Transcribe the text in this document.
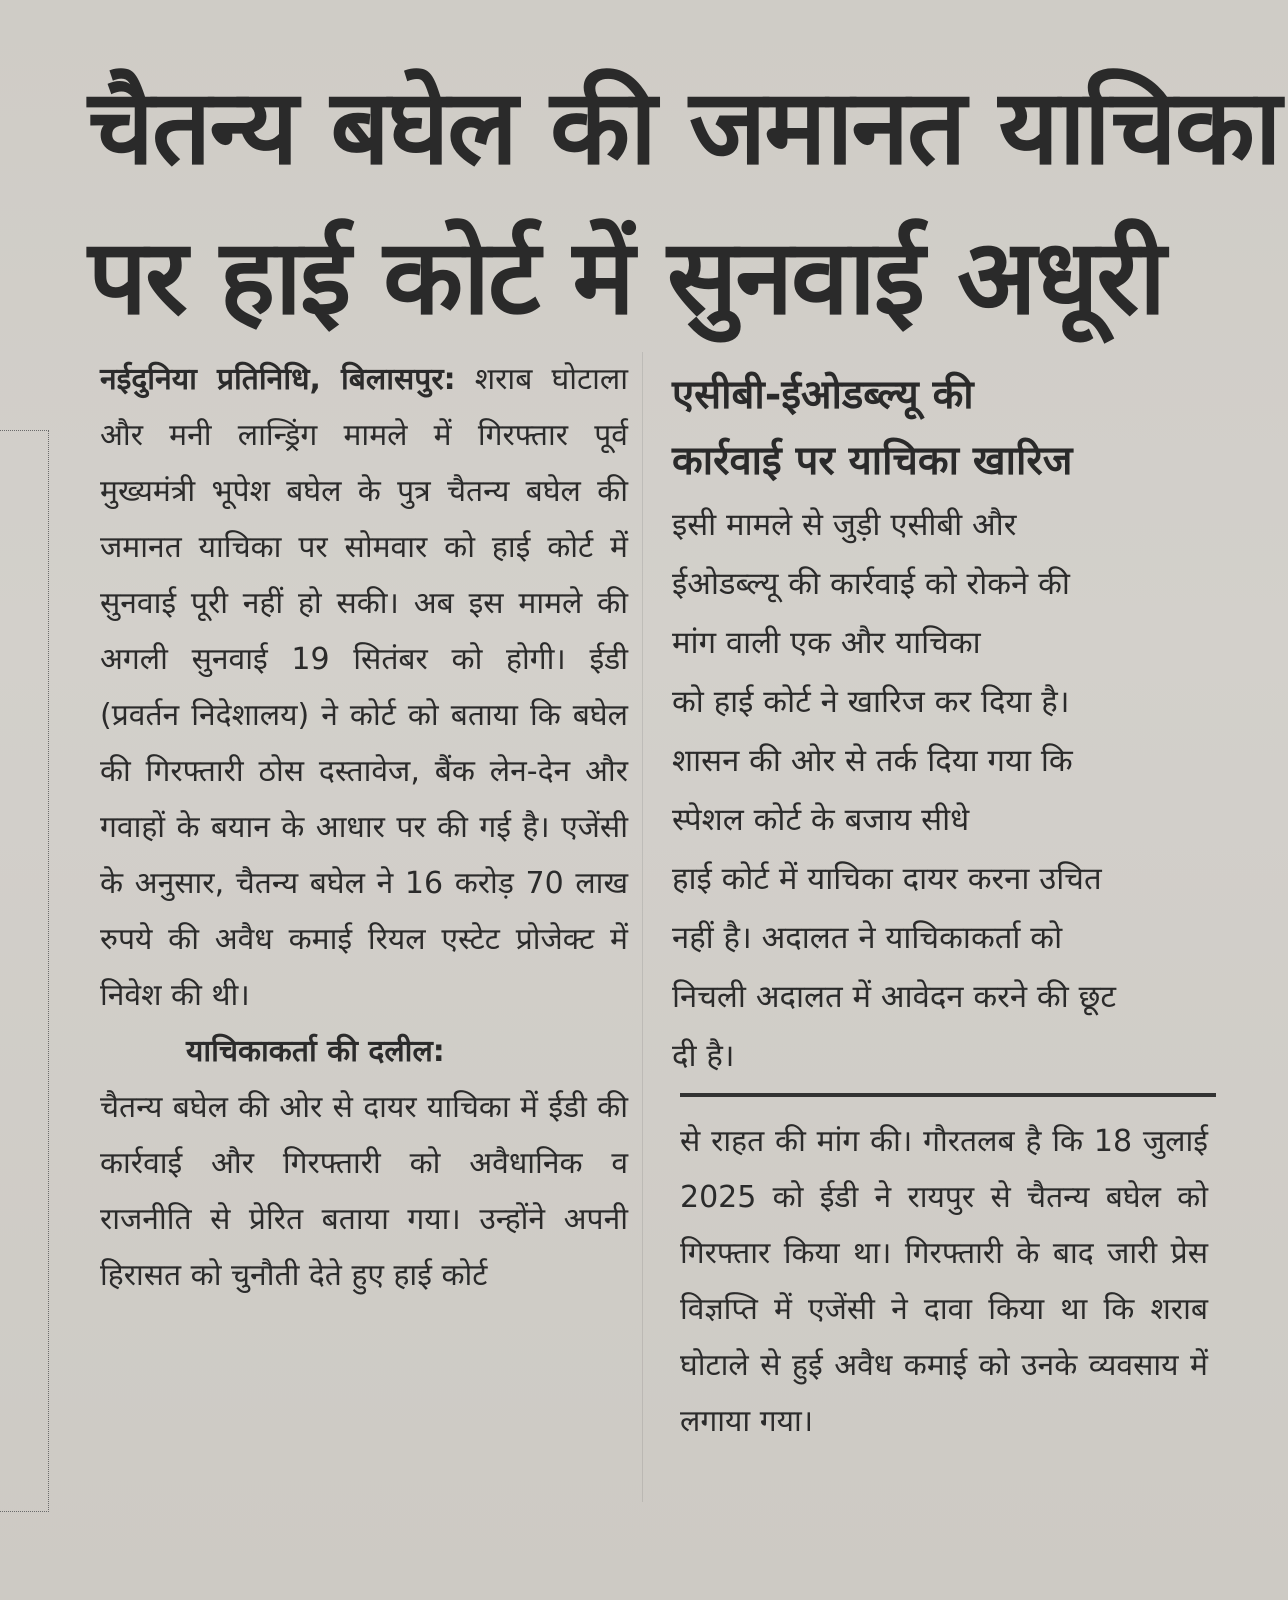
चैतन्य बघेल की जमानत याचिका
पर हाई कोर्ट में सुनवाई अधूरी

नईदुनिया प्रतिनिधि, बिलासपुर: शराब घोटाला और मनी लान्ड्रिंग मामले में गिरफ्तार पूर्व मुख्यमंत्री भूपेश बघेल के पुत्र चैतन्य बघेल की जमानत याचिका पर सोमवार को हाई कोर्ट में सुनवाई पूरी नहीं हो सकी। अब इस मामले की अगली सुनवाई 19 सितंबर को होगी। ईडी (प्रवर्तन निदेशालय) ने कोर्ट को बताया कि बघेल की गिरफ्तारी ठोस दस्तावेज, बैंक लेन-देन और गवाहों के बयान के आधार पर की गई है। एजेंसी के अनुसार, चैतन्य बघेल ने 16 करोड़ 70 लाख रुपये की अवैध कमाई रियल एस्टेट प्रोजेक्ट में निवेश की थी।

याचिकाकर्ता की दलील:

चैतन्य बघेल की ओर से दायर याचिका में ईडी की कार्रवाई और गिरफ्तारी को अवैधानिक व राजनीति से प्रेरित बताया गया। उन्होंने अपनी हिरासत को चुनौती देते हुए हाई कोर्ट

एसीबी-ईओडब्ल्यू की
कार्रवाई पर याचिका खारिज

इसी मामले से जुड़ी एसीबी और

ईओडब्ल्यू की कार्रवाई को रोकने की

मांग वाली एक और याचिका

को हाई कोर्ट ने खारिज कर दिया है।

शासन की ओर से तर्क दिया गया कि

स्पेशल कोर्ट के बजाय सीधे

हाई कोर्ट में याचिका दायर करना उचित

नहीं है। अदालत ने याचिकाकर्ता को

निचली अदालत में आवेदन करने की छूट

दी है।

से राहत की मांग की। गौरतलब है कि 18 जुलाई 2025 को ईडी ने रायपुर से चैतन्य बघेल को गिरफ्तार किया था। गिरफ्तारी के बाद जारी प्रेस विज्ञप्ति में एजेंसी ने दावा किया था कि शराब घोटाले से हुई अवैध कमाई को उनके व्यवसाय में लगाया गया।
